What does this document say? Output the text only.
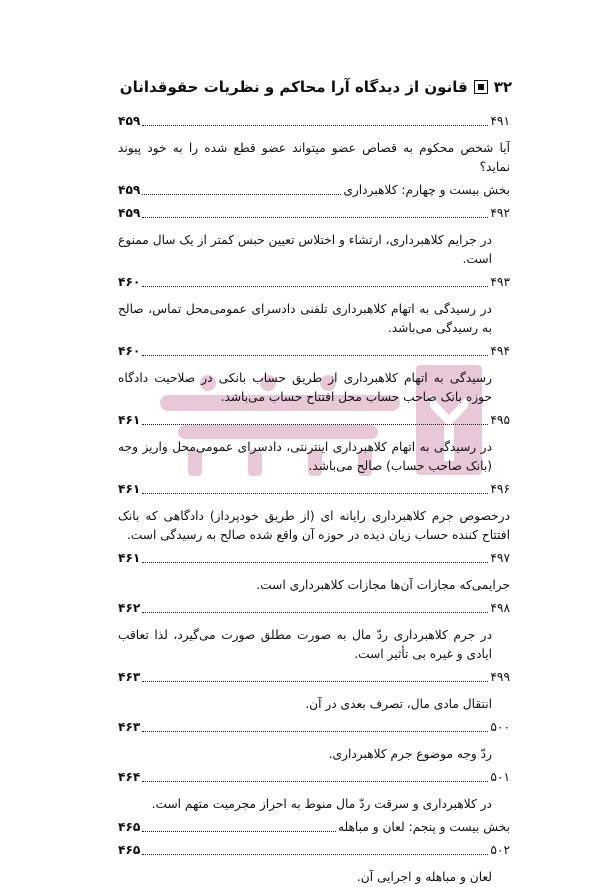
۳۲
قانون از دیدگاه آرا محاکم و نظریات حقوقدانان
۴۹۱
۴۵۹

آیا شخص محکوم به قصاص عضو میتواند عضو قطع شده را به خود پیوند نماید؟

بخش بیست و چهارم: کلاهبرداری
۴۵۹
۴۹۲
۴۵۹

در جرایم کلاهبرداری، ارتشاء و اختلاس تعیین حبس کمتر از یک سال ممنوع است.

۴۹۳
۴۶۰

در رسیدگی به اتهام کلاهبرداری تلفنی دادسرای عمومی‌محل تماس، صالح به رسیدگی می‌باشد.

۴۹۴
۴۶۰

رسیدگی به اتهام کلاهبرداری از طریق حساب بانکی در صلاحیت دادگاه حوزه بانک صاحب حساب محل افتتاح حساب می‌باشد.

۴۹۵
۴۶۱

در رسیدگی به اتهام کلاهبرداری اینترنتی، دادسرای عمومی‌محل واریز وجه (بانک صاحب حساب) صالح می‌باشد.

۴۹۶
۴۶۱

درخصوص جرم کلاهبرداری رایانه ای (از طریق خودپرداز) دادگاهی که بانک افتتاح کننده حساب زیان دیده در حوزه آن واقع شده صالح به رسیدگی است.

۴۹۷
۴۶۱

جرایمی‌که مجازات آن‌ها مجازات کلاهبرداری است.

۴۹۸
۴۶۲

در جرم کلاهبرداری ردّ مال به صورت مطلق صورت می‌گیرد، لذا تعاقب ایادی و غیره بی تأثیر است.

۴۹۹
۴۶۳

انتقال مادی مال، تصرف بعدی در آن.

۵۰۰
۴۶۳

ردّ وجه موضوع جرم کلاهبرداری.

۵۰۱
۴۶۴

در کلاهبرداری و سرقت ردّ مال منوط به احراز مجرمیت متهم است.

بخش بیست و پنجم: لعان و مباهله
۴۶۵
۵۰۲
۴۶۵

لعان و مباهله و اجرایی آن.
